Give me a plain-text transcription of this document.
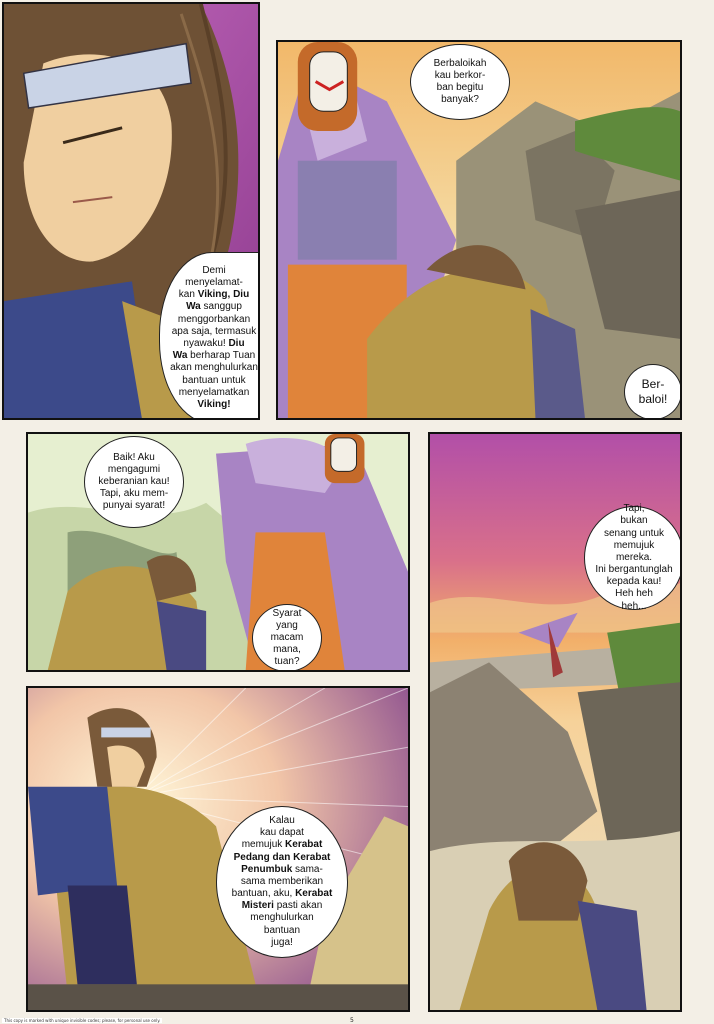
Demi
menyelamat-
kan Viking, Diu
Wa sanggup
menggorbankan
apa saja, termasuk
nyawaku! Diu
Wa berharap Tuan
akan menghulurkan
bantuan untuk
menyelamatkan
Viking!
Berbaloikah
kau berkor-
ban begitu
banyak?
Ber-
baloi!
Baik! Aku
mengagumi
keberanian kau!
Tapi, aku mem-
punyai syarat!
Syarat
yang macam
mana, tuan?
Tapi,
bukan
senang untuk
memujuk mereka.
Ini bergantunglah
kepada kau!
Heh heh
heh...
Kalau
kau dapat
memujuk Kerabat
Pedang dan Kerabat
Penumbuk sama-
sama memberikan
bantuan, aku, Kerabat
Misteri pasti akan
menghulurkan
bantuan
juga!
This copy is marked with unique invisible codes; please, for personal use only.	5
